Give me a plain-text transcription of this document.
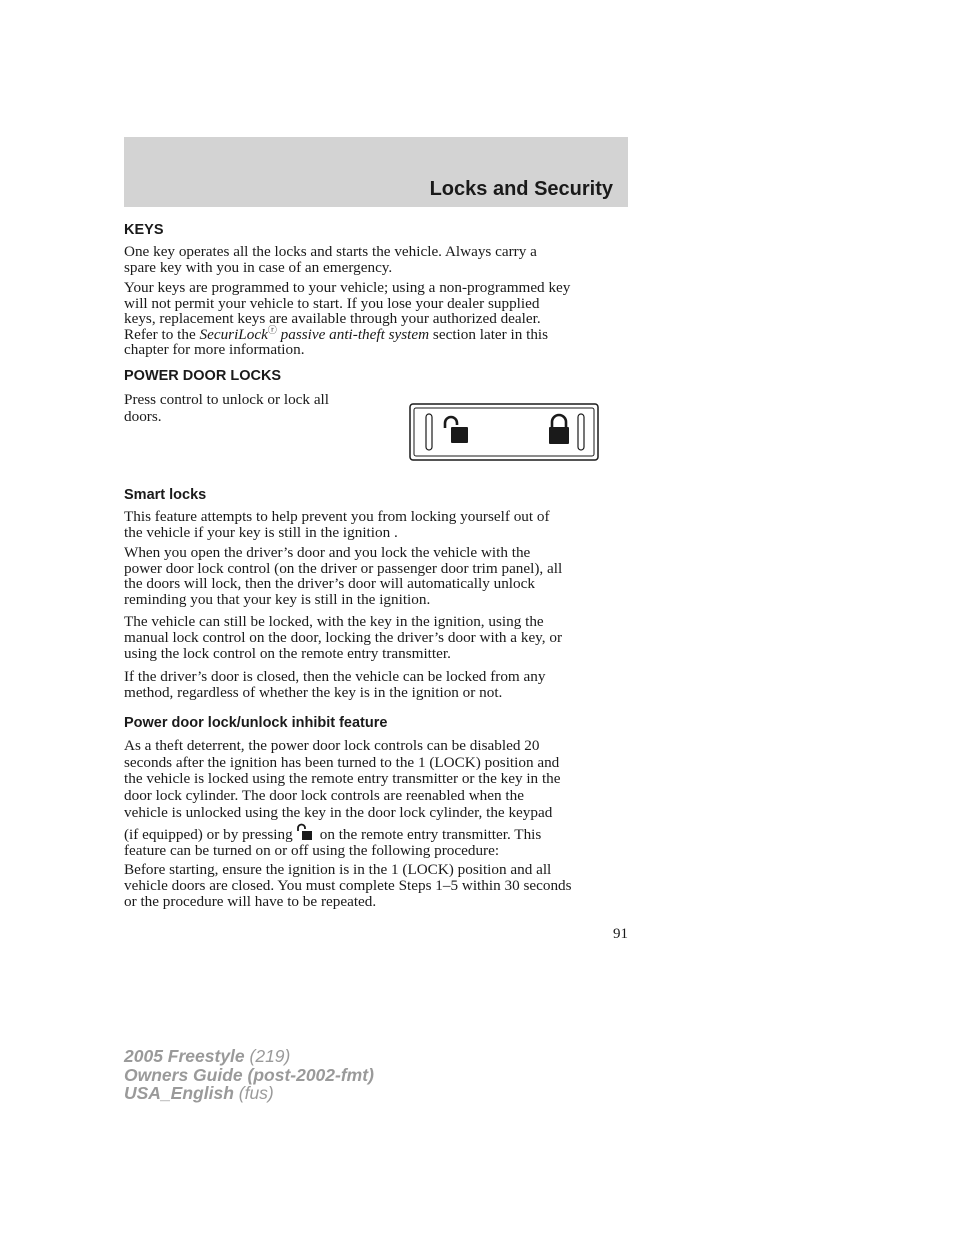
Locks and Security
KEYS

One key operates all the locks and starts the vehicle. Always carry a
spare key with you in case of an emergency.

Your keys are programmed to your vehicle; using a non-programmed key
will not permit your vehicle to start. If you lose your dealer supplied
keys, replacement keys are available through your authorized dealer.
Refer to the SecuriLockⓡ passive anti-theft system section later in this
chapter for more information.

POWER DOOR LOCKS

Press control to unlock or lock all
doors.

Smart locks

This feature attempts to help prevent you from locking yourself out of
the vehicle if your key is still in the ignition .

When you open the driver’s door and you lock the vehicle with the
power door lock control (on the driver or passenger door trim panel), all
the doors will lock, then the driver’s door will automatically unlock
reminding you that your key is still in the ignition.

The vehicle can still be locked, with the key in the ignition, using the
manual lock control on the door, locking the driver’s door with a key, or
using the lock control on the remote entry transmitter.

If the driver’s door is closed, then the vehicle can be locked from any
method, regardless of whether the key is in the ignition or not.

Power door lock/unlock inhibit feature

As a theft deterrent, the power door lock controls can be disabled 20
seconds after the ignition has been turned to the 1 (LOCK) position and
the vehicle is locked using the remote entry transmitter or the key in the
door lock cylinder. The door lock controls are reenabled when the
vehicle is unlocked using the key in the door lock cylinder, the keypad
(if equipped) or by pressing on the remote entry transmitter. This
feature can be turned on or off using the following procedure:

Before starting, ensure the ignition is in the 1 (LOCK) position and all
vehicle doors are closed. You must complete Steps 1–5 within 30 seconds
or the procedure will have to be repeated.

91

2005 Freestyle (219)
Owners Guide (post-2002-fmt)
USA_English (fus)
